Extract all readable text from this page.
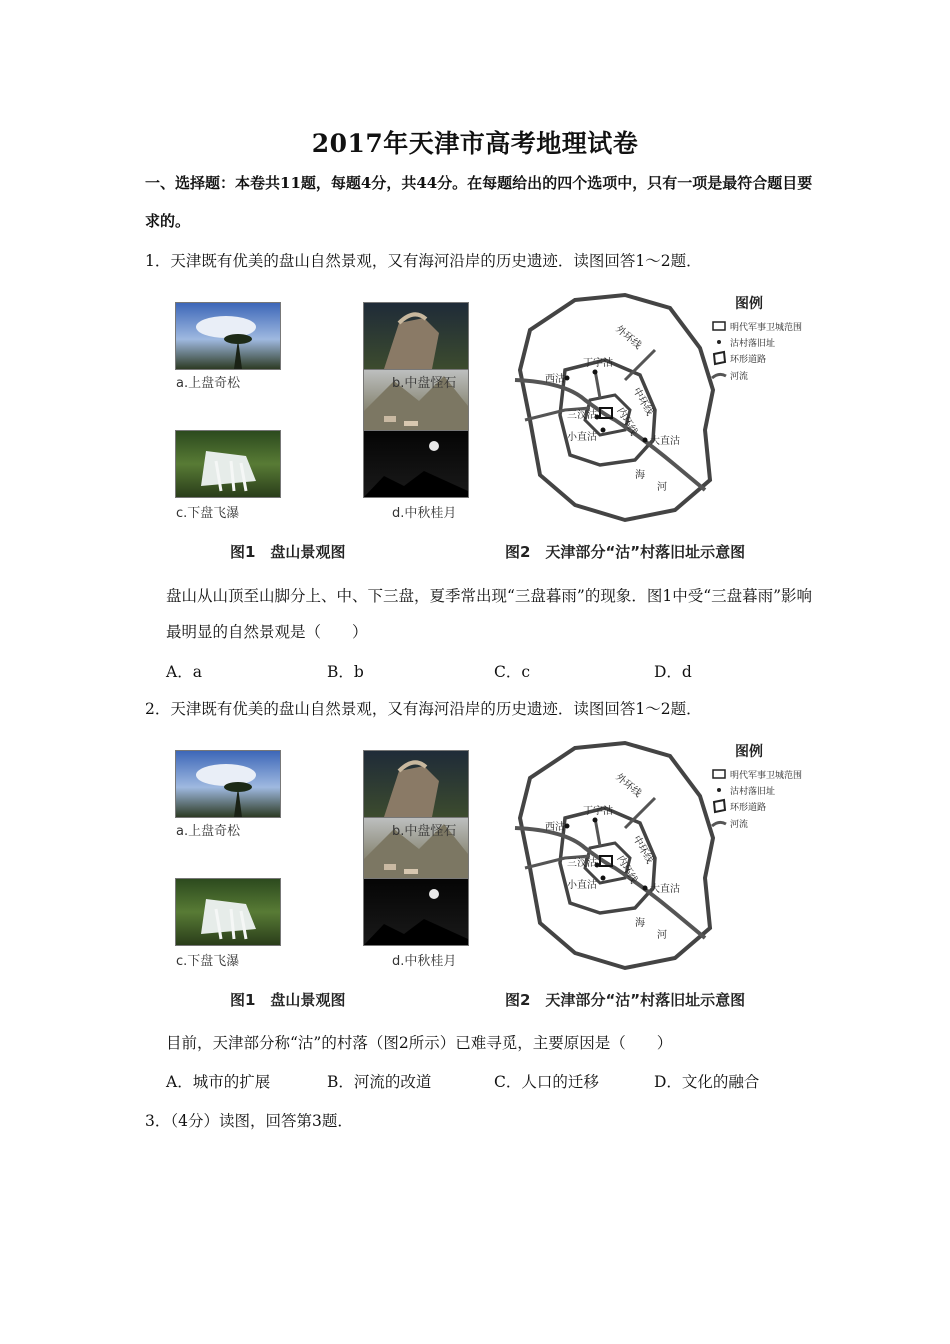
2017年天津市高考地理试卷
一、选择题：本卷共11题，每题4分，共44分。在每题给出的四个选项中，只有一项是最符合题目要求的。
1．天津既有优美的盘山自然景观，又有海河沿岸的历史遗迹．读图回答1～2题．
a.上盘奇松	b.中盘怪石
c.下盘飞瀑	d.中秋桂月
图1　盘山景观图
外环线
中环线
内环线
丁字沽
西沽
三汊沽
小直沽	大直沽
海
河
图例
明代军事卫城范围
沽村落旧址
环形道路
河流
图2　天津部分“沽”村落旧址示意图
盘山从山顶至山脚分上、中、下三盘，夏季常出现“三盘暮雨”的现象．图1中受“三盘暮雨”影响最明显的自然景观是（　　）
A．a	B．b	C．c	D．d
2．天津既有优美的盘山自然景观，又有海河沿岸的历史遗迹．读图回答1～2题．
a.上盘奇松	b.中盘怪石
c.下盘飞瀑	d.中秋桂月
图1　盘山景观图
外环线
中环线
内环线
丁字沽
西沽
三汊沽
小直沽	大直沽
海
河
图例
明代军事卫城范围
沽村落旧址
环形道路
河流
图2　天津部分“沽”村落旧址示意图
目前，天津部分称“沽”的村落（图2所示）已难寻觅，主要原因是（　　）
A．城市的扩展	B．河流的改道	C．人口的迁移	D．文化的融合
3．（4分）读图，回答第3题．
